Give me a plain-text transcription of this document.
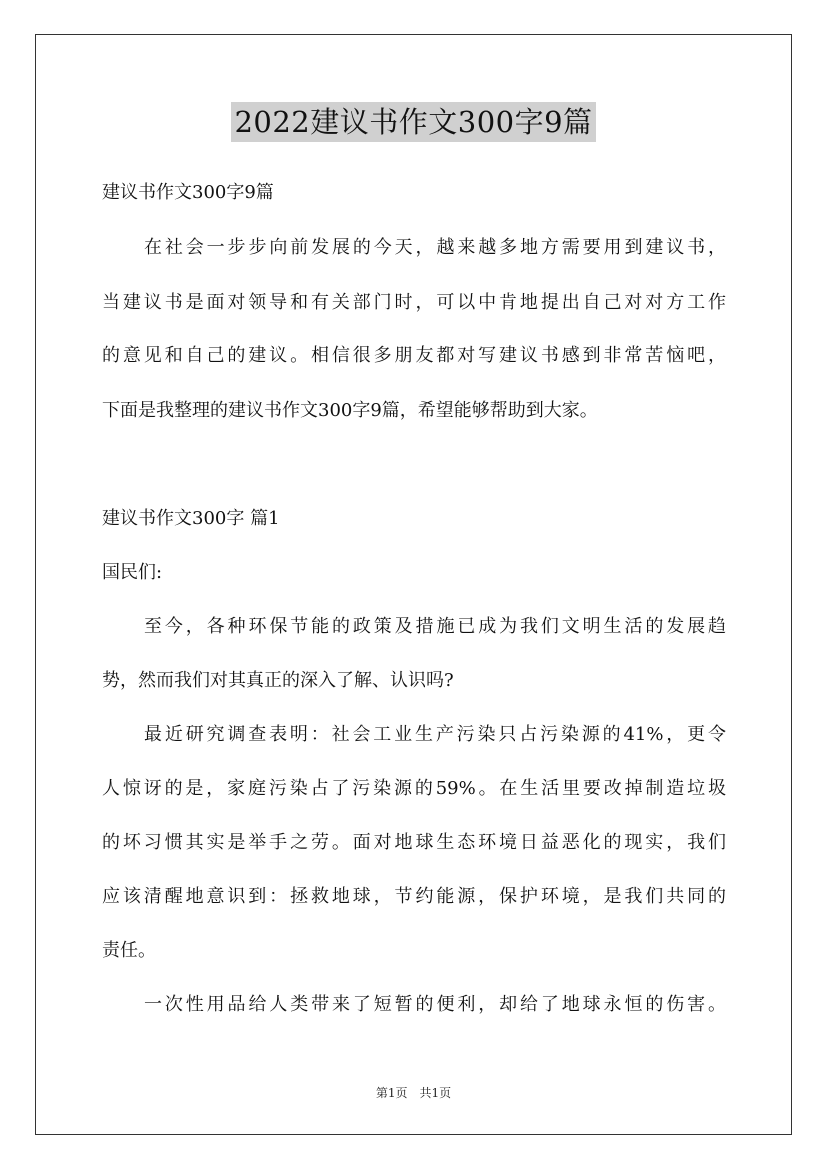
2022建议书作文300字9篇
建议书作文300字9篇
在社会一步步向前发展的今天，越来越多地方需要用到建议书，
当建议书是面对领导和有关部门时，可以中肯地提出自己对对方工作
的意见和自己的建议。相信很多朋友都对写建议书感到非常苦恼吧，
下面是我整理的建议书作文300字9篇，希望能够帮助到大家。
建议书作文300字 篇1
国民们:
至今，各种环保节能的政策及措施已成为我们文明生活的发展趋
势，然而我们对其真正的深入了解、认识吗?
最近研究调查表明：社会工业生产污染只占污染源的41%，更令
人惊讶的是，家庭污染占了污染源的59%。在生活里要改掉制造垃圾
的坏习惯其实是举手之劳。面对地球生态环境日益恶化的现实，我们
应该清醒地意识到：拯救地球，节约能源，保护环境，是我们共同的
责任。
一次性用品给人类带来了短暂的便利，却给了地球永恒的伤害。
第1页　共1页
